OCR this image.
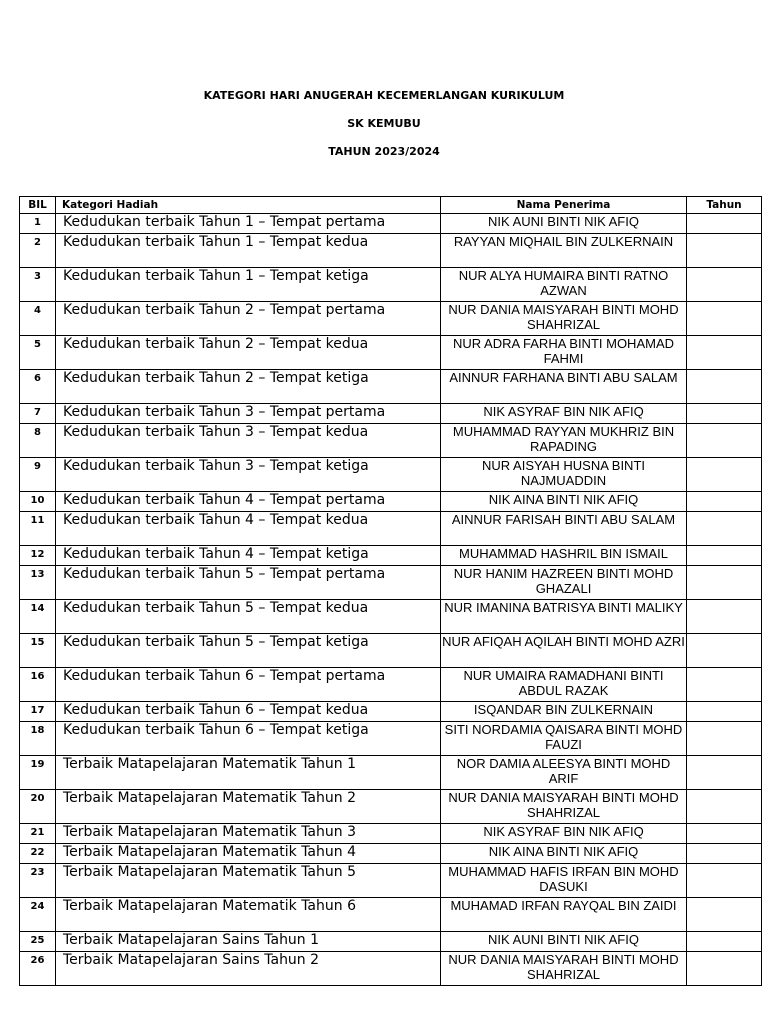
KATEGORI HARI ANUGERAH KECEMERLANGAN KURIKULUM
SK KEMUBU
TAHUN 2023/2024
BIL	Kategori Hadiah	Nama Penerima	Tahun
1	Kedudukan terbaik Tahun 1 – Tempat pertama	NIK AUNI BINTI NIK AFIQ	
2	Kedudukan terbaik Tahun 1 – Tempat kedua	RAYYAN MIQHAIL BIN ZULKERNAIN	
3	Kedudukan terbaik Tahun 1 – Tempat ketiga	NUR ALYA HUMAIRA BINTI RATNO AZWAN	
4	Kedudukan terbaik Tahun 2 – Tempat pertama	NUR DANIA MAISYARAH BINTI MOHD SHAHRIZAL	
5	Kedudukan terbaik Tahun 2 – Tempat kedua	NUR ADRA FARHA BINTI MOHAMAD FAHMI	
6	Kedudukan terbaik Tahun 2 – Tempat ketiga	AINNUR FARHANA BINTI ABU SALAM	
7	Kedudukan terbaik Tahun 3 – Tempat pertama	NIK ASYRAF BIN NIK AFIQ	
8	Kedudukan terbaik Tahun 3 – Tempat kedua	MUHAMMAD RAYYAN MUKHRIZ BIN RAPADING	
9	Kedudukan terbaik Tahun 3 – Tempat ketiga	NUR AISYAH HUSNA BINTI NAJMUADDIN	
10	Kedudukan terbaik Tahun 4 – Tempat pertama	NIK AINA BINTI NIK AFIQ	
11	Kedudukan terbaik Tahun 4 – Tempat kedua	AINNUR FARISAH BINTI ABU SALAM	
12	Kedudukan terbaik Tahun 4 – Tempat ketiga	MUHAMMAD HASHRIL BIN ISMAIL	
13	Kedudukan terbaik Tahun 5 – Tempat pertama	NUR HANIM HAZREEN BINTI MOHD GHAZALI	
14	Kedudukan terbaik Tahun 5 – Tempat kedua	NUR IMANINA BATRISYA BINTI MALIKY	
15	Kedudukan terbaik Tahun 5 – Tempat ketiga	NUR AFIQAH AQILAH BINTI MOHD AZRI	
16	Kedudukan terbaik Tahun 6 – Tempat pertama	NUR UMAIRA RAMADHANI BINTI ABDUL RAZAK	
17	Kedudukan terbaik Tahun 6 – Tempat kedua	ISQANDAR BIN ZULKERNAIN	
18	Kedudukan terbaik Tahun 6 – Tempat ketiga	SITI NORDAMIA QAISARA BINTI MOHD FAUZI	
19	Terbaik Matapelajaran Matematik Tahun 1	NOR DAMIA ALEESYA BINTI MOHD ARIF	
20	Terbaik Matapelajaran Matematik Tahun 2	NUR DANIA MAISYARAH BINTI MOHD SHAHRIZAL	
21	Terbaik Matapelajaran Matematik Tahun 3	NIK ASYRAF BIN NIK AFIQ	
22	Terbaik Matapelajaran Matematik Tahun 4	NIK AINA BINTI NIK AFIQ	
23	Terbaik Matapelajaran Matematik Tahun 5	MUHAMMAD HAFIS IRFAN BIN MOHD DASUKI	
24	Terbaik Matapelajaran Matematik Tahun 6	MUHAMAD IRFAN RAYQAL BIN ZAIDI	
25	Terbaik Matapelajaran Sains Tahun 1	NIK AUNI BINTI NIK AFIQ	
26	Terbaik Matapelajaran Sains Tahun 2	NUR DANIA MAISYARAH BINTI MOHD SHAHRIZAL	
